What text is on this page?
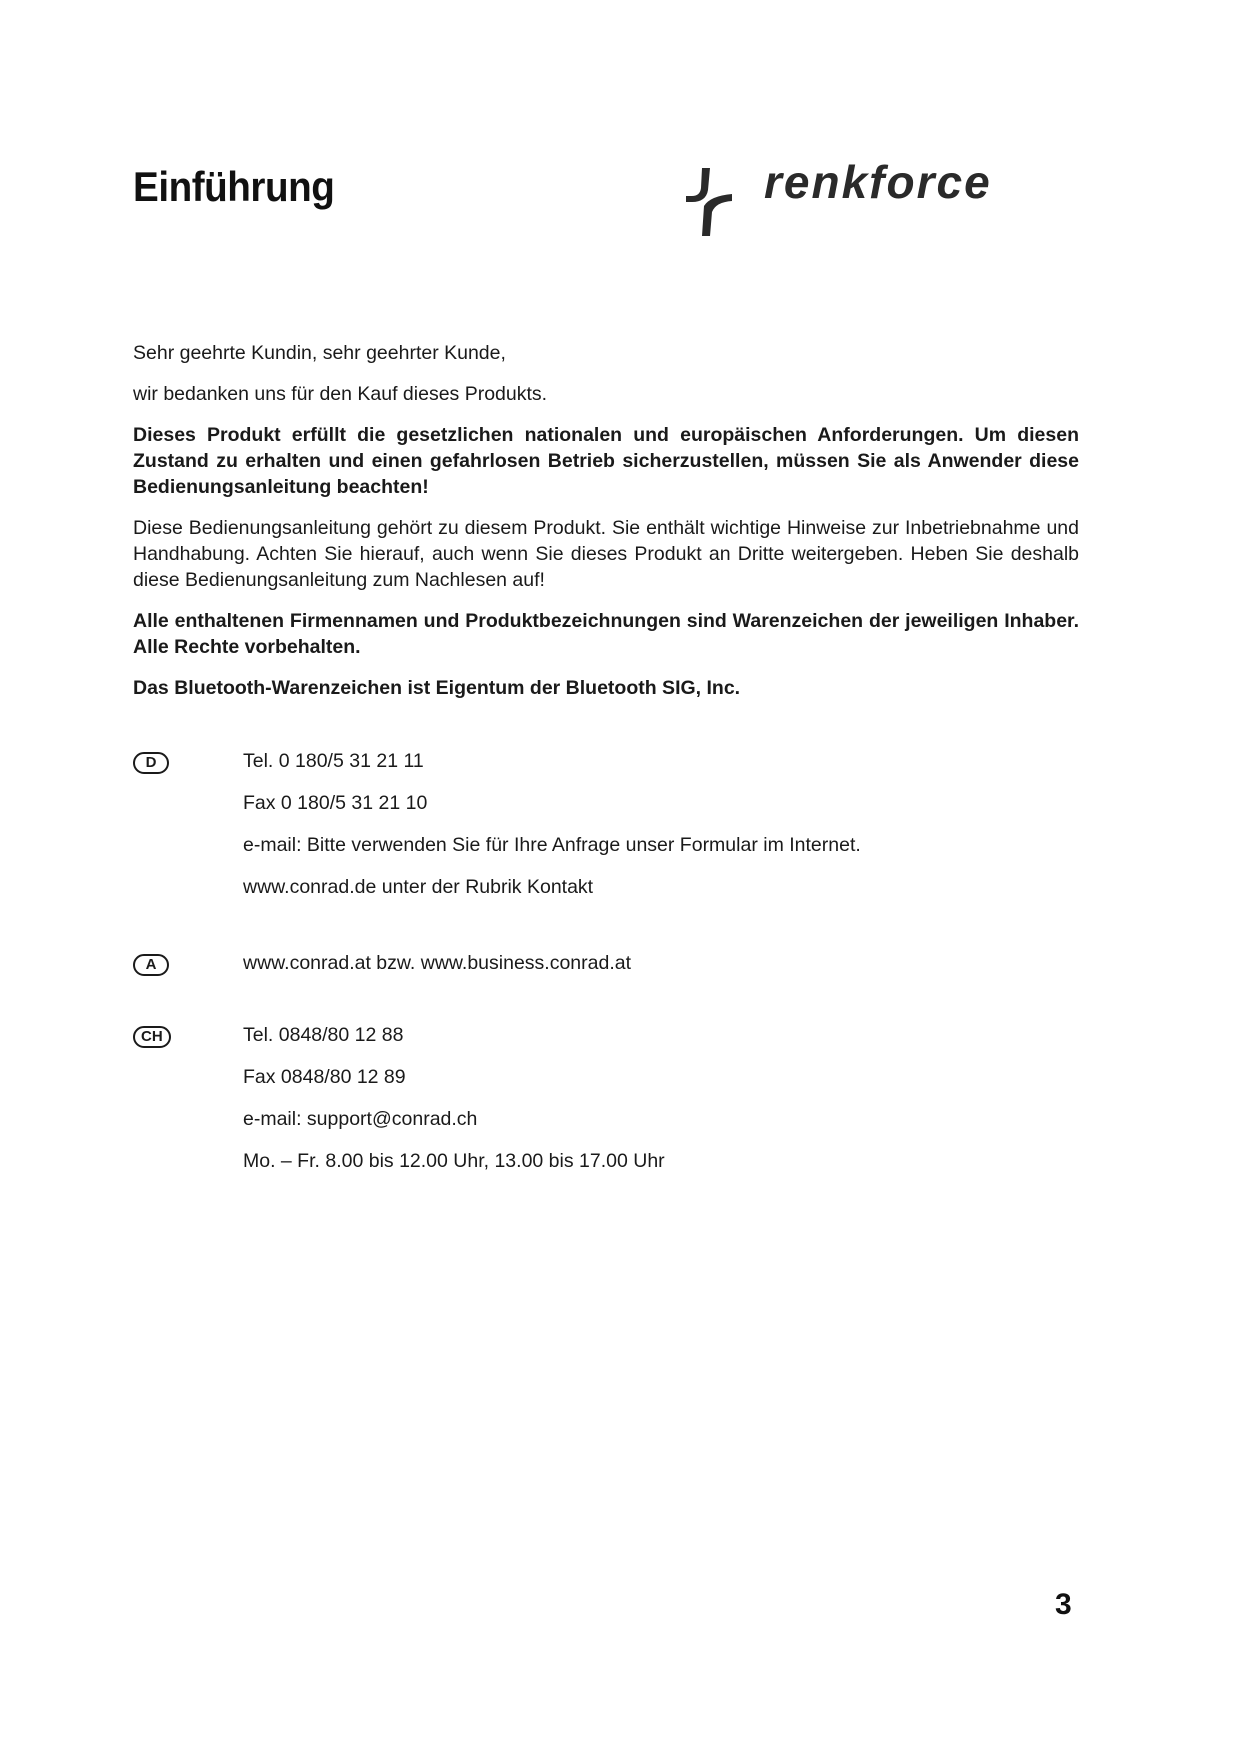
Einführung	renkforce

Sehr geehrte Kundin, sehr geehrter Kunde,

wir bedanken uns für den Kauf dieses Produkts.

Dieses Produkt erfüllt die gesetzlichen nationalen und europäischen Anforderungen. Um diesen Zustand zu erhalten und einen gefahrlosen Betrieb sicherzustellen, müssen Sie als Anwender diese Bedienungsanleitung beachten!

Diese Bedienungsanleitung gehört zu diesem Produkt. Sie enthält wichtige Hinweise zur Inbetriebnahme und Handhabung. Achten Sie hierauf, auch wenn Sie dieses Produkt an Dritte weitergeben. Heben Sie deshalb diese Bedienungsanleitung zum Nachlesen auf!

Alle enthaltenen Firmennamen und Produktbezeichnungen sind Warenzeichen der jeweiligen Inhaber. Alle Rechte vorbehalten.

Das Bluetooth-Warenzeichen ist Eigentum der Bluetooth SIG, Inc.

D	Tel. 0 180/5 31 21 11
Fax 0 180/5 31 21 10
e-mail: Bitte verwenden Sie für Ihre Anfrage unser Formular im Internet.
www.conrad.de unter der Rubrik Kontakt
A	www.conrad.at bzw. www.business.conrad.at
CH	Tel. 0848/80 12 88
Fax 0848/80 12 89
e-mail: support@conrad.ch
Mo. – Fr. 8.00 bis 12.00 Uhr, 13.00 bis 17.00 Uhr
3
